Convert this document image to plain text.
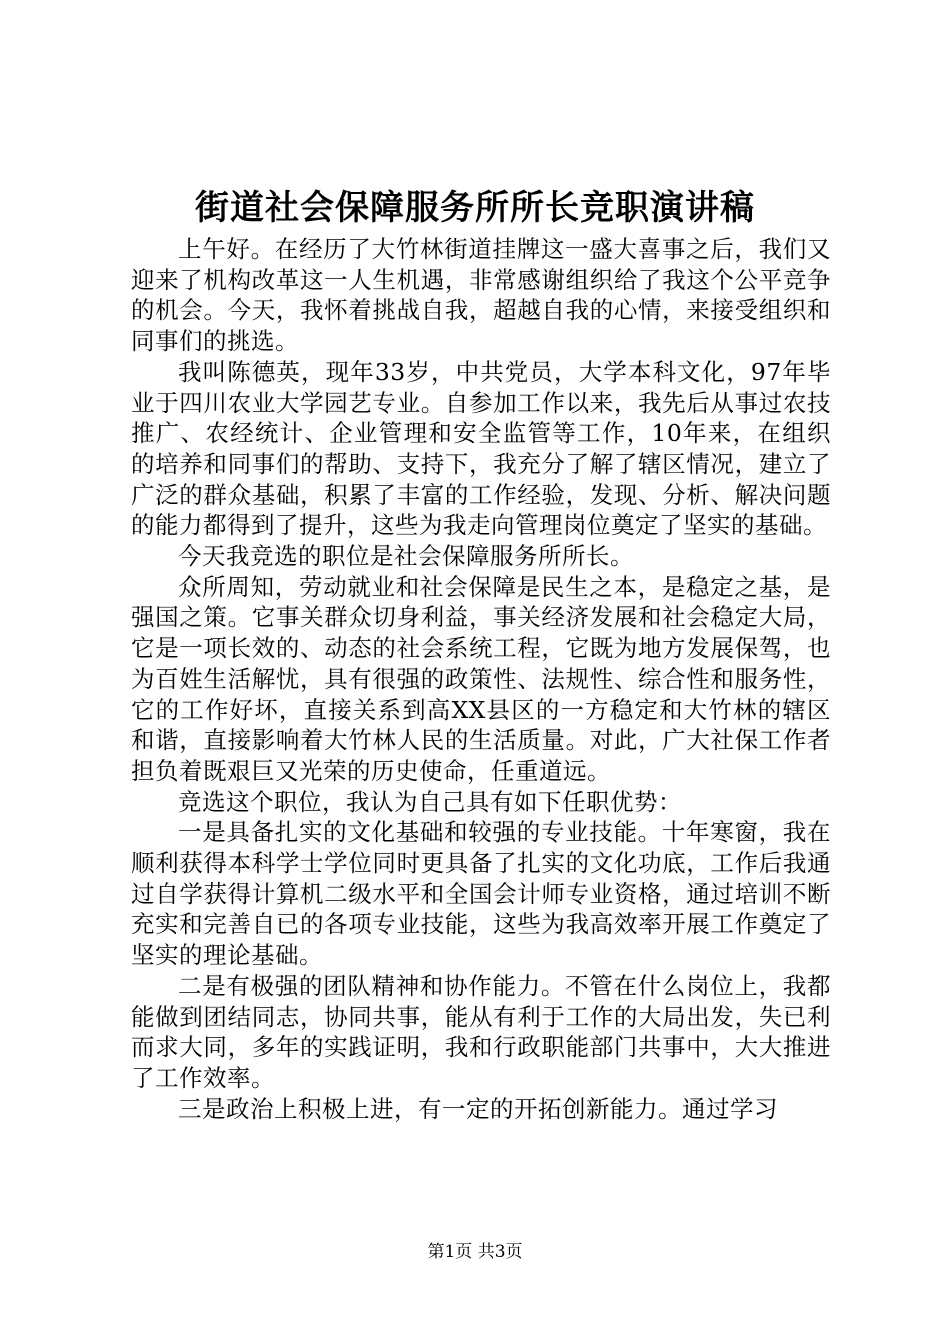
街道社会保障服务所所长竞职演讲稿

上午好。在经历了大竹林街道挂牌这一盛大喜事之后，我们又迎来了机构改革这一人生机遇，非常感谢组织给了我这个公平竞争的机会。今天，我怀着挑战自我，超越自我的心情，来接受组织和同事们的挑选。

我叫陈德英，现年33岁，中共党员，大学本科文化，97年毕业于四川农业大学园艺专业。自参加工作以来，我先后从事过农技推广、农经统计、企业管理和安全监管等工作，10年来，在组织的培养和同事们的帮助、支持下，我充分了解了辖区情况，建立了广泛的群众基础，积累了丰富的工作经验，发现、分析、解决问题的能力都得到了提升，这些为我走向管理岗位奠定了坚实的基础。

今天我竞选的职位是社会保障服务所所长。

众所周知，劳动就业和社会保障是民生之本，是稳定之基，是强国之策。它事关群众切身利益，事关经济发展和社会稳定大局，它是一项长效的、动态的社会系统工程，它既为地方发展保驾，也为百姓生活解忧，具有很强的政策性、法规性、综合性和服务性，它的工作好坏，直接关系到高XX县区的一方稳定和大竹林的辖区和谐，直接影响着大竹林人民的生活质量。对此，广大社保工作者担负着既艰巨又光荣的历史使命，任重道远。

竞选这个职位，我认为自己具有如下任职优势：

一是具备扎实的文化基础和较强的专业技能。十年寒窗，我在顺利获得本科学士学位同时更具备了扎实的文化功底，工作后我通过自学获得计算机二级水平和全国会计师专业资格，通过培训不断充实和完善自已的各项专业技能，这些为我高效率开展工作奠定了坚实的理论基础。

二是有极强的团队精神和协作能力。不管在什么岗位上，我都能做到团结同志，协同共事，能从有利于工作的大局出发，失已利而求大同，多年的实践证明，我和行政职能部门共事中，大大推进了工作效率。

三是政治上积极上进，有一定的开拓创新能力。通过学习

第1页 共3页
